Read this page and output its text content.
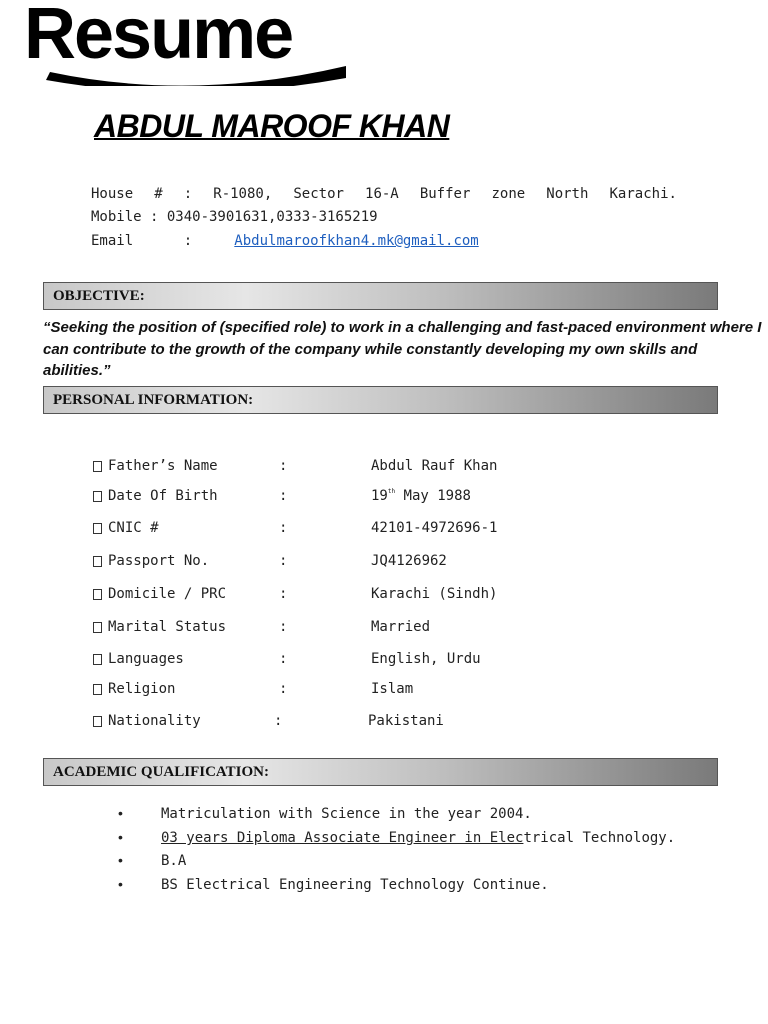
Resume
ABDUL MAROOF KHAN
House # : R-1080, Sector 16-A Buffer zone North Karachi.
Mobile : 0340-3901631,0333-3165219
Email      :     Abdulmaroofkhan4.mk@gmail.com
OBJECTIVE:

“Seeking the position of (specified role) to work in a challenging and fast-paced environment where I can contribute to the growth of the company while constantly developing my own skills and abilities.”

PERSONAL INFORMATION:
Father’s Name	:	Abdul Rauf Khan
Date Of Birth	:	19th May 1988
CNIC #	:	42101-4972696-1
Passport No.	:	JQ4126962
Domicile / PRC	:	Karachi (Sindh)
Marital Status	:	Married
Languages	:	English, Urdu
Religion	:	Islam
Nationality	:	Pakistani
ACADEMIC QUALIFICATION:
•	Matriculation with Science in the year 2004.
•	03 years Diploma Associate Engineer in Electrical Technology.
•	B.A
•	BS Electrical Engineering Technology Continue.
